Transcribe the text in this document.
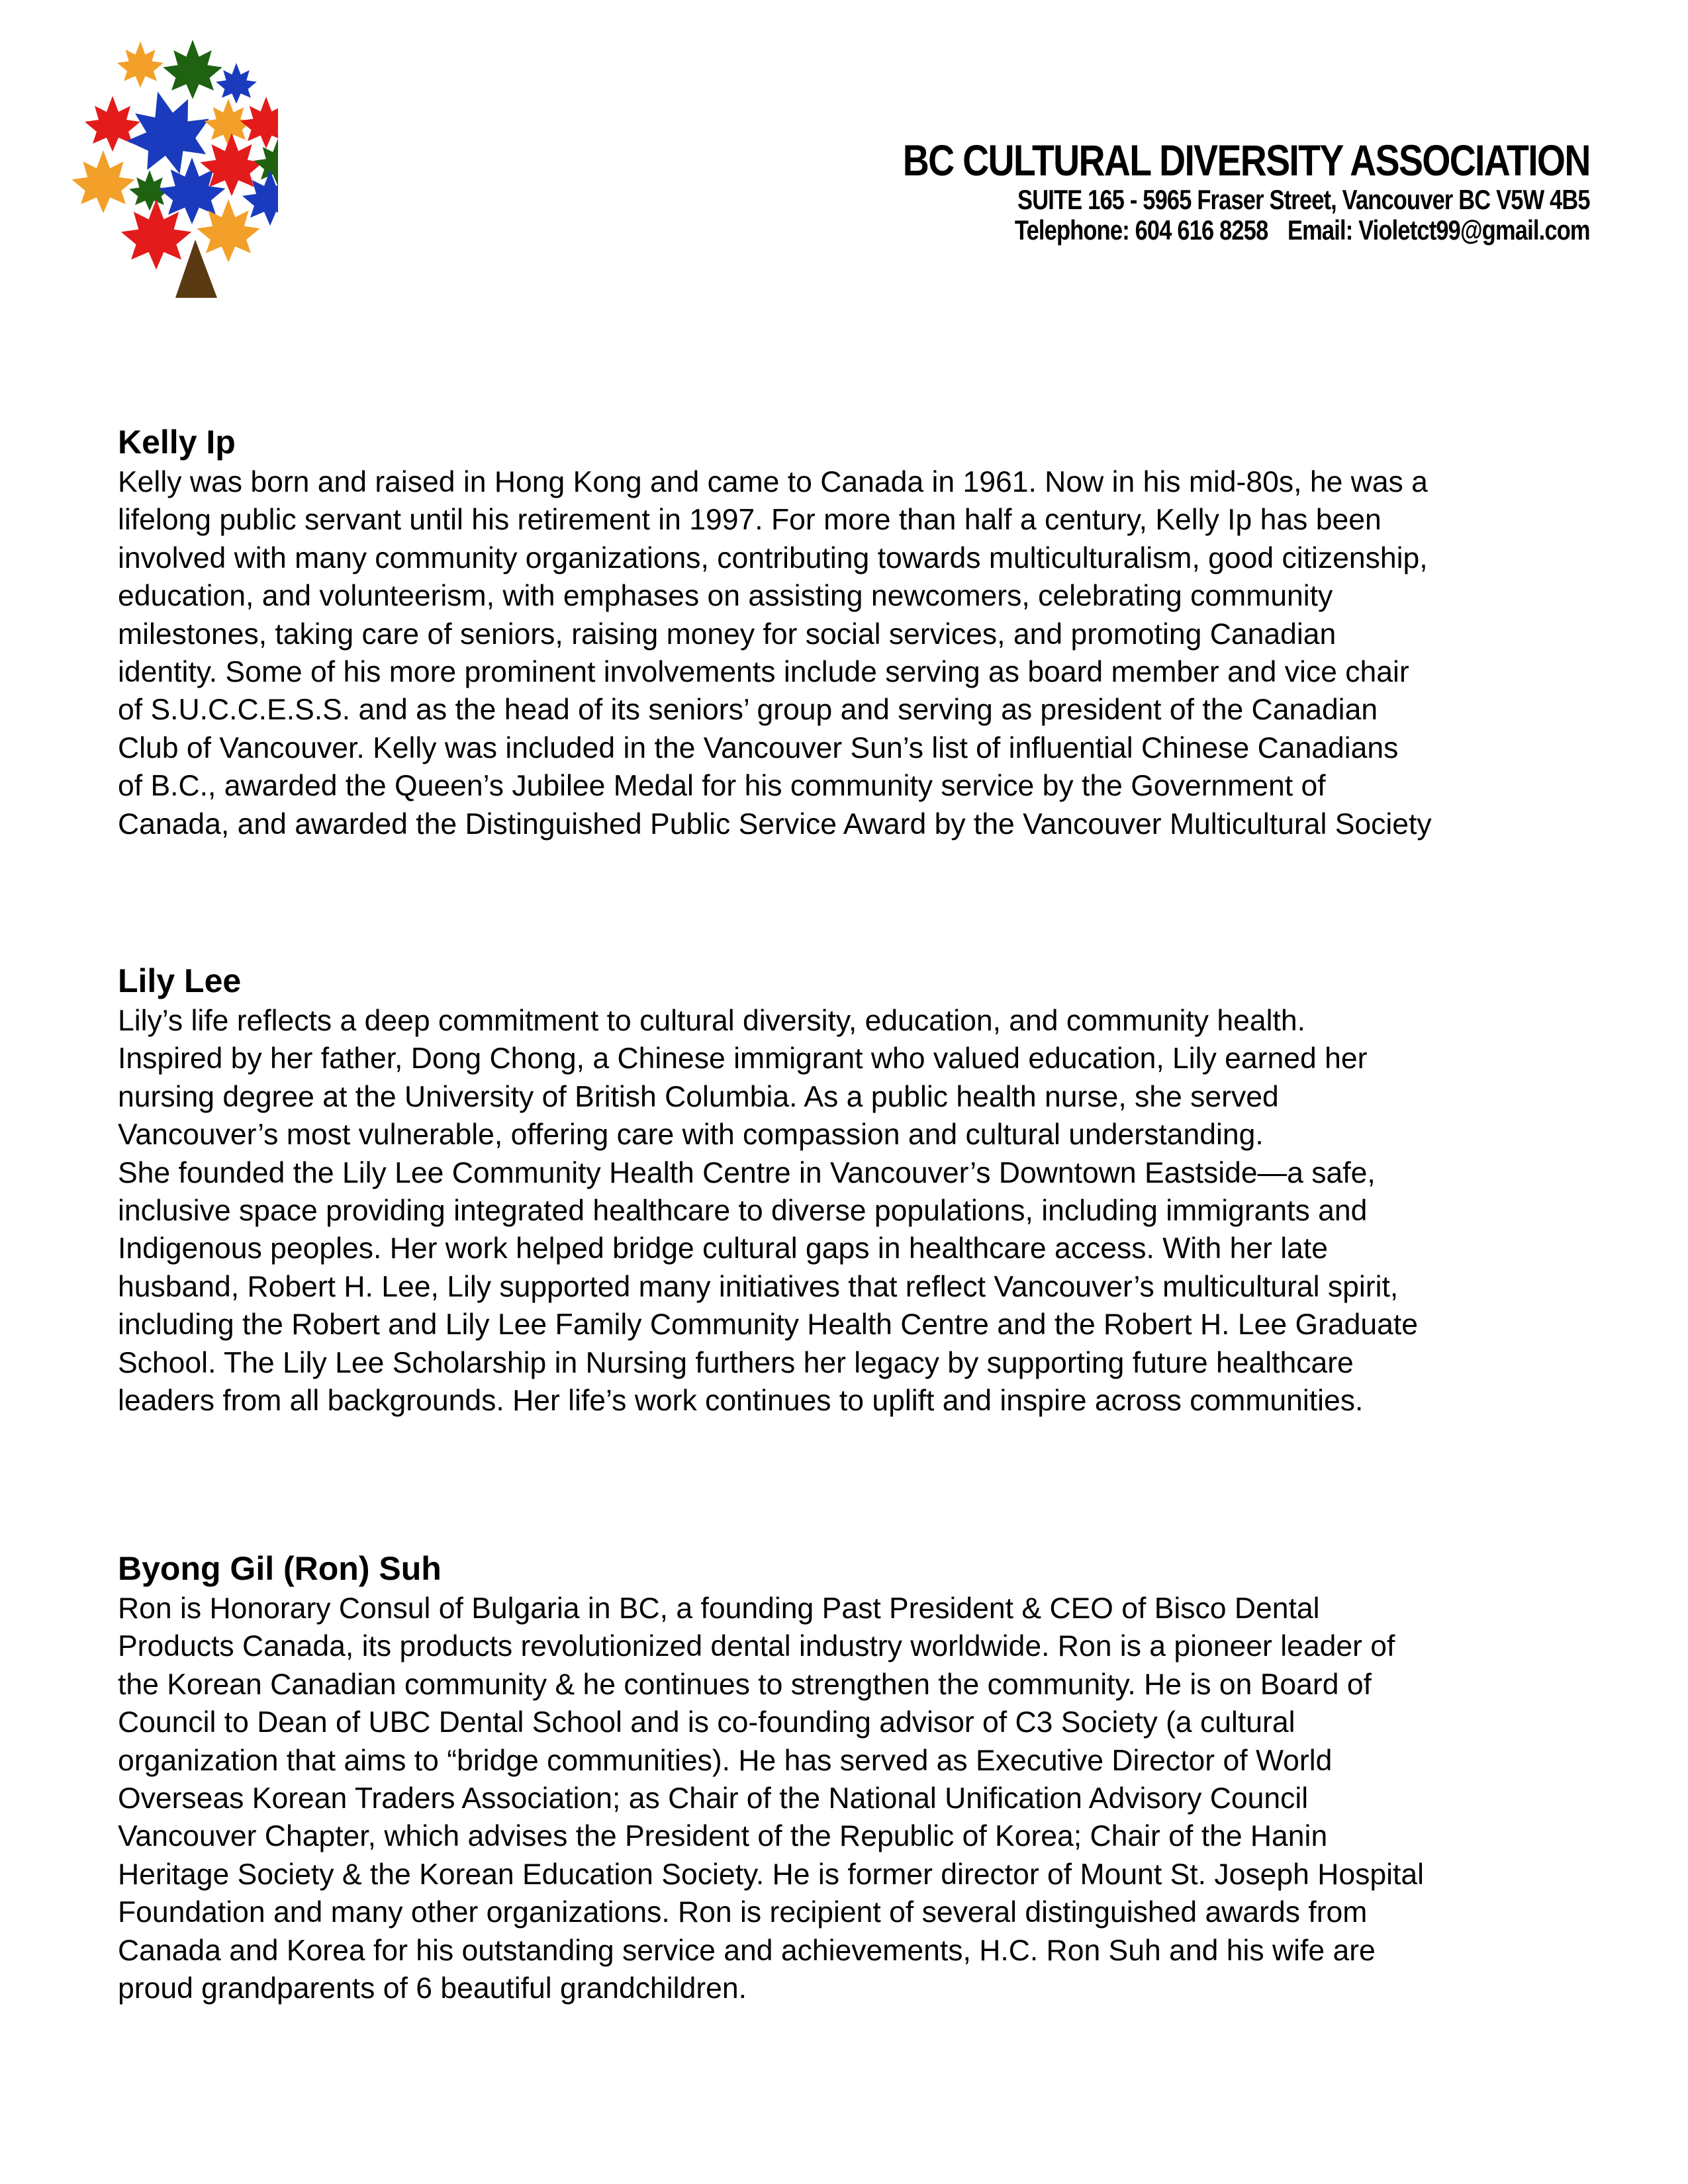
BC CULTURAL DIVERSITY ASSOCIATION
SUITE 165 - 5965 Fraser Street, Vancouver BC V5W 4B5
Telephone: 604 616 8258 Email: Violetct99@gmail.com
Kelly Ip
Kelly was born and raised in Hong Kong and came to Canada in 1961. Now in his mid-80s, he was a
lifelong public servant until his retirement in 1997. For more than half a century, Kelly Ip has been
involved with many community organizations, contributing towards multiculturalism, good citizenship,
education, and volunteerism, with emphases on assisting newcomers, celebrating community
milestones, taking care of seniors, raising money for social services, and promoting Canadian
identity. Some of his more prominent involvements include serving as board member and vice chair
of S.U.C.C.E.S.S. and as the head of its seniors’ group and serving as president of the Canadian
Club of Vancouver. Kelly was included in the Vancouver Sun’s list of influential Chinese Canadians
of B.C., awarded the Queen’s Jubilee Medal for his community service by the Government of
Canada, and awarded the Distinguished Public Service Award by the Vancouver Multicultural Society
Lily Lee
Lily’s life reflects a deep commitment to cultural diversity, education, and community health.
Inspired by her father, Dong Chong, a Chinese immigrant who valued education, Lily earned her
nursing degree at the University of British Columbia. As a public health nurse, she served
Vancouver’s most vulnerable, offering care with compassion and cultural understanding.
She founded the Lily Lee Community Health Centre in Vancouver’s Downtown Eastside—a safe,
inclusive space providing integrated healthcare to diverse populations, including immigrants and
Indigenous peoples. Her work helped bridge cultural gaps in healthcare access. With her late
husband, Robert H. Lee, Lily supported many initiatives that reflect Vancouver’s multicultural spirit,
including the Robert and Lily Lee Family Community Health Centre and the Robert H. Lee Graduate
School. The Lily Lee Scholarship in Nursing furthers her legacy by supporting future healthcare
leaders from all backgrounds. Her life’s work continues to uplift and inspire across communities.
Byong Gil (Ron) Suh
Ron is Honorary Consul of Bulgaria in BC, a founding Past President & CEO of Bisco Dental
Products Canada, its products revolutionized dental industry worldwide. Ron is a pioneer leader of
the Korean Canadian community & he continues to strengthen the community. He is on Board of
Council to Dean of UBC Dental School and is co-founding advisor of C3 Society (a cultural
organization that aims to “bridge communities). He has served as Executive Director of World
Overseas Korean Traders Association; as Chair of the National Unification Advisory Council
Vancouver Chapter, which advises the President of the Republic of Korea; Chair of the Hanin
Heritage Society & the Korean Education Society. He is former director of Mount St. Joseph Hospital
Foundation and many other organizations. Ron is recipient of several distinguished awards from
Canada and Korea for his outstanding service and achievements, H.C. Ron Suh and his wife are
proud grandparents of 6 beautiful grandchildren.
